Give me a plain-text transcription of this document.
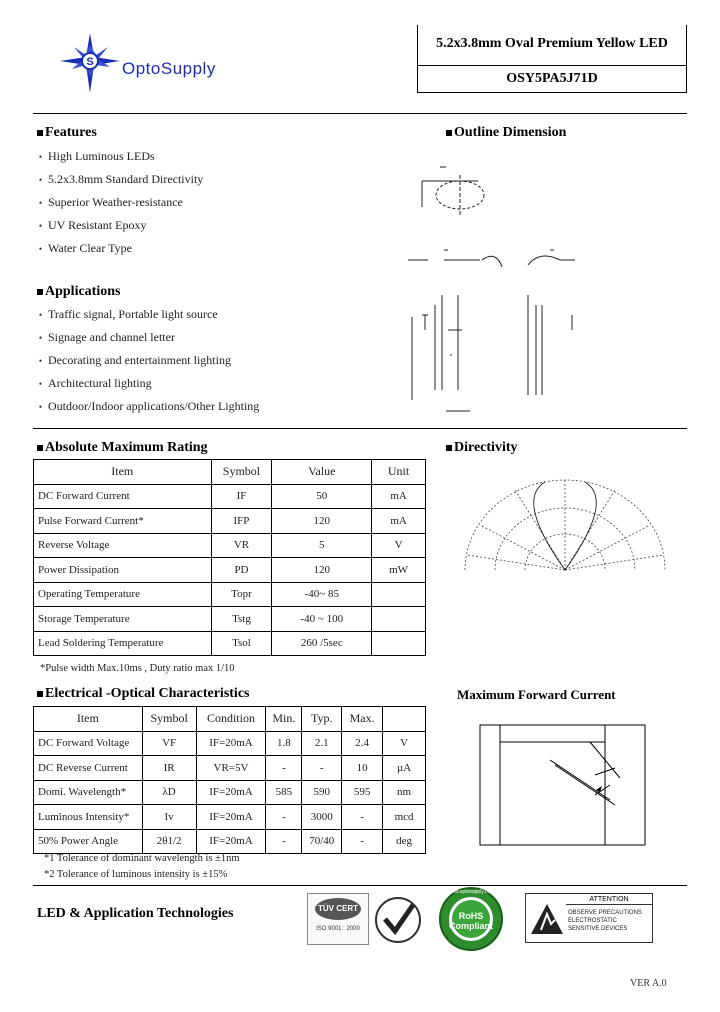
S OptoSupply
5.2x3.8mm Oval Premium Yellow LED
OSY5PA5J71D
Features
• High Luminous LEDs
• 5.2x3.8mm Standard Directivity
• Superior Weather-resistance
• UV Resistant Epoxy
• Water Clear Type
Applications
• Traffic signal, Portable light source
• Signage and channel letter
• Decorating and entertainment lighting
• Architectural lighting
• Outdoor/Indoor applications/Other Lighting
Outline Dimension
Absolute Maximum Rating
Item	Symbol	Value	Unit
DC Forward Current	IF	50	mA
Pulse Forward Current*	IFP	120	mA
Reverse Voltage	VR	5	V
Power Dissipation	PD	120	mW
Operating Temperature	Topr	-40~ 85	
Storage Temperature	Tstg	-40 ~ 100	
Lead Soldering Temperature	Tsol	260 /5sec	
*Pulse width Max.10ms , Duty ratio max 1/10
Directivity
Electrical -Optical Characteristics
Item	Symbol	Condition	Min.	Typ.	Max.	
DC Forward Voltage	VF	IF=20mA	1.8	2.1	2.4	V
DC Reverse Current	IR	VR=5V	-	-	10	µA
Domi. Wavelength*	λD	IF=20mA	585	590	595	nm
Luminous Intensity*	Iv	IF=20mA	-	3000	-	mcd
50% Power Angle	2θ1/2	IF=20mA	-	70/40	-	deg
*1 Tolerance of dominant wavelength is ±1nm
*2 Tolerance of luminous intensity is ±15%
Maximum Forward Current
LED & Application Technologies	TÜV CERT
ISO 9001 : 2000
RoHS Compliant
www.optosupply.com
ATTENTION
OBSERVE PRECAUTIONS
ELECTROSTATIC
SENSITIVE DEVICES
VER A.0
